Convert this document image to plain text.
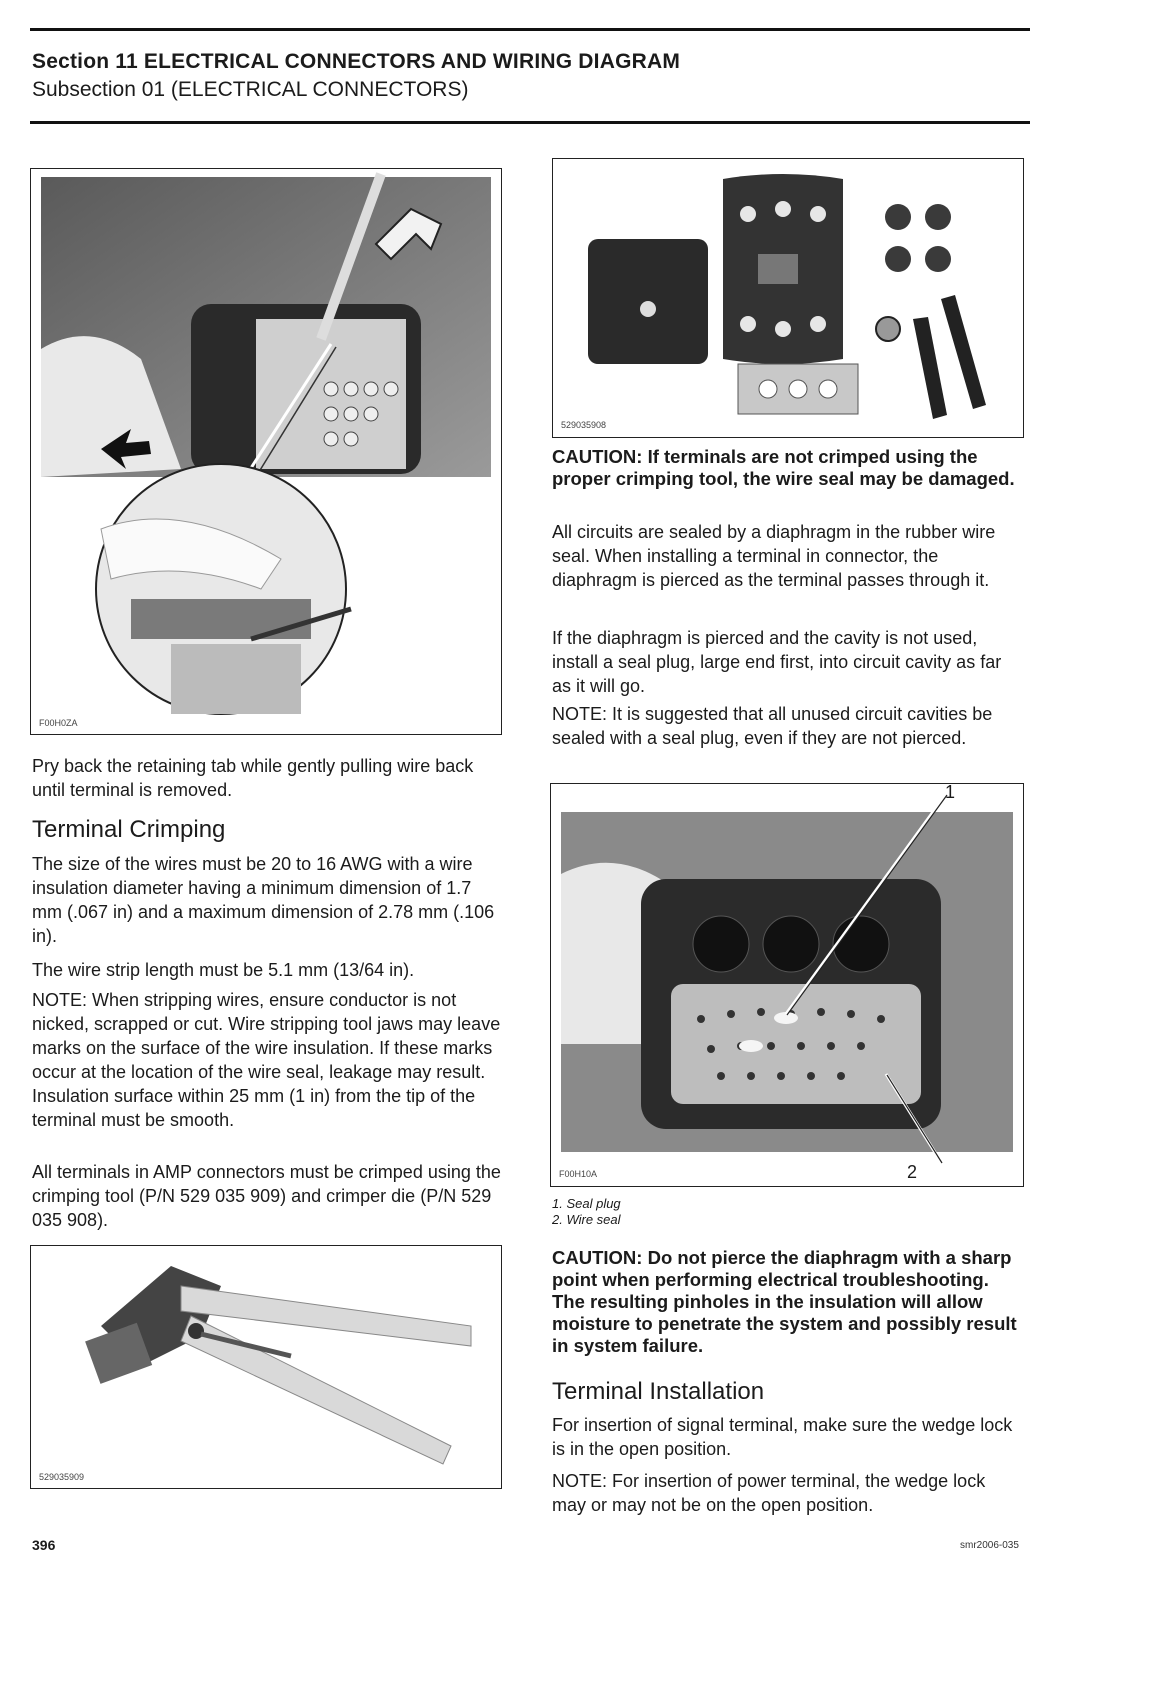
Section 11 ELECTRICAL CONNECTORS AND WIRING DIAGRAM
Subsection 01 (ELECTRICAL CONNECTORS)
F00H0ZA

Pry back the retaining tab while gently pulling wire back until terminal is removed.

Terminal Crimping

The size of the wires must be 20 to 16 AWG with a wire insulation diameter having a minimum dimension of 1.7 mm (.067 in) and a maximum dimension of 2.78 mm (.106 in).

The wire strip length must be 5.1 mm (13/64 in).

NOTE: When stripping wires, ensure conductor is not nicked, scrapped or cut. Wire stripping tool jaws may leave marks on the surface of the wire insulation. If these marks occur at the location of the wire seal, leakage may result. Insulation surface within 25 mm (1 in) from the tip of the terminal must be smooth.

All terminals in AMP connectors must be crimped using the crimping tool (P/N 529 035 909) and crimper die (P/N 529 035 908).

529035909
529035908

CAUTION: If terminals are not crimped using the proper crimping tool, the wire seal may be damaged.

All circuits are sealed by a diaphragm in the rubber wire seal. When installing a terminal in connector, the diaphragm is pierced as the terminal passes through it.

If the diaphragm is pierced and the cavity is not used, install a seal plug, large end first, into circuit cavity as far as it will go.

NOTE: It is suggested that all unused circuit cavities be sealed with a seal plug, even if they are not pierced.

1
2
F00H10A
1. Seal plug
2. Wire seal

CAUTION: Do not pierce the diaphragm with a sharp point when performing electrical troubleshooting. The resulting pinholes in the insulation will allow moisture to penetrate the system and possibly result in system failure.

Terminal Installation

For insertion of signal terminal, make sure the wedge lock is in the open position.

NOTE: For insertion of power terminal, the wedge lock may or may not be on the open position.

396	smr2006-035
